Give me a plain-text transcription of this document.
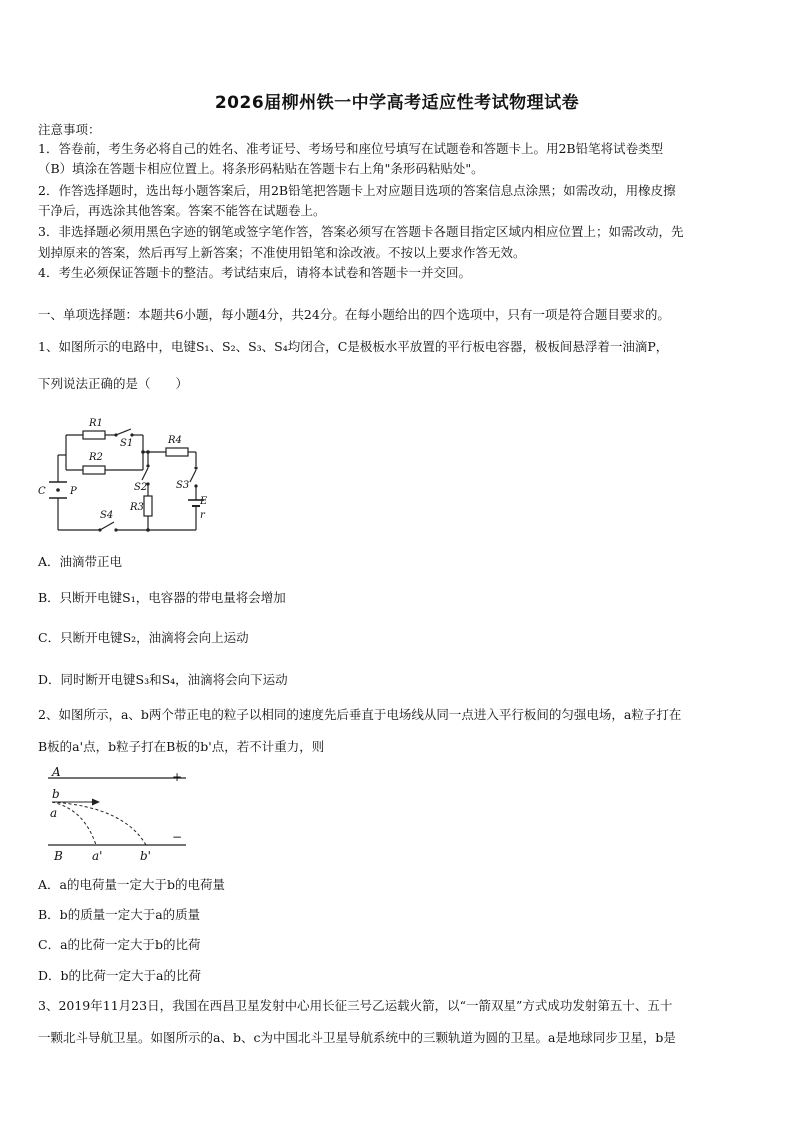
2026届柳州铁一中学高考适应性考试物理试卷
注意事项：
1．答卷前，考生务必将自己的姓名、准考证号、考场号和座位号填写在试题卷和答题卡上。用2B铅笔将试卷类型
（B）填涂在答题卡相应位置上。将条形码粘贴在答题卡右上角"条形码粘贴处"。
2．作答选择题时，选出每小题答案后，用2B铅笔把答题卡上对应题目选项的答案信息点涂黑；如需改动，用橡皮擦
干净后，再选涂其他答案。答案不能答在试题卷上。
3．非选择题必须用黑色字迹的钢笔或签字笔作答，答案必须写在答题卡各题目指定区域内相应位置上；如需改动，先
划掉原来的答案，然后再写上新答案；不准使用铅笔和涂改液。不按以上要求作答无效。
4．考生必须保证答题卡的整洁。考试结束后，请将本试卷和答题卡一并交回。
一、单项选择题：本题共6小题，每小题4分，共24分。在每小题给出的四个选项中，只有一项是符合题目要求的。
1、如图所示的电路中，电键S₁、S₂、S₃、S₄均闭合，C是极板水平放置的平行板电容器，极板间悬浮着一油滴P，
下列说法正确的是（　　）
R1
S1
R2
R4
S2	S3
E
r
R3
C P
S4
A．油滴带正电
B．只断开电键S₁，电容器的带电量将会增加
C．只断开电键S₂，油滴将会向上运动
D．同时断开电键S₃和S₄，油滴将会向下运动
2、如图所示，a、b两个带正电的粒子以相同的速度先后垂直于电场线从同一点进入平行板间的匀强电场，a粒子打在
B板的a'点，b粒子打在B板的b'点，若不计重力，则
A	+
b
a
−
B a'	b'
A．a的电荷量一定大于b的电荷量
B．b的质量一定大于a的质量
C．a的比荷一定大于b的比荷
D．b的比荷一定大于a的比荷
3、2019年11月23日，我国在西昌卫星发射中心用长征三号乙运载火箭，以“一箭双星”方式成功发射第五十、五十
一颗北斗导航卫星。如图所示的a、b、c为中国北斗卫星导航系统中的三颗轨道为圆的卫星。a是地球同步卫星，b是
